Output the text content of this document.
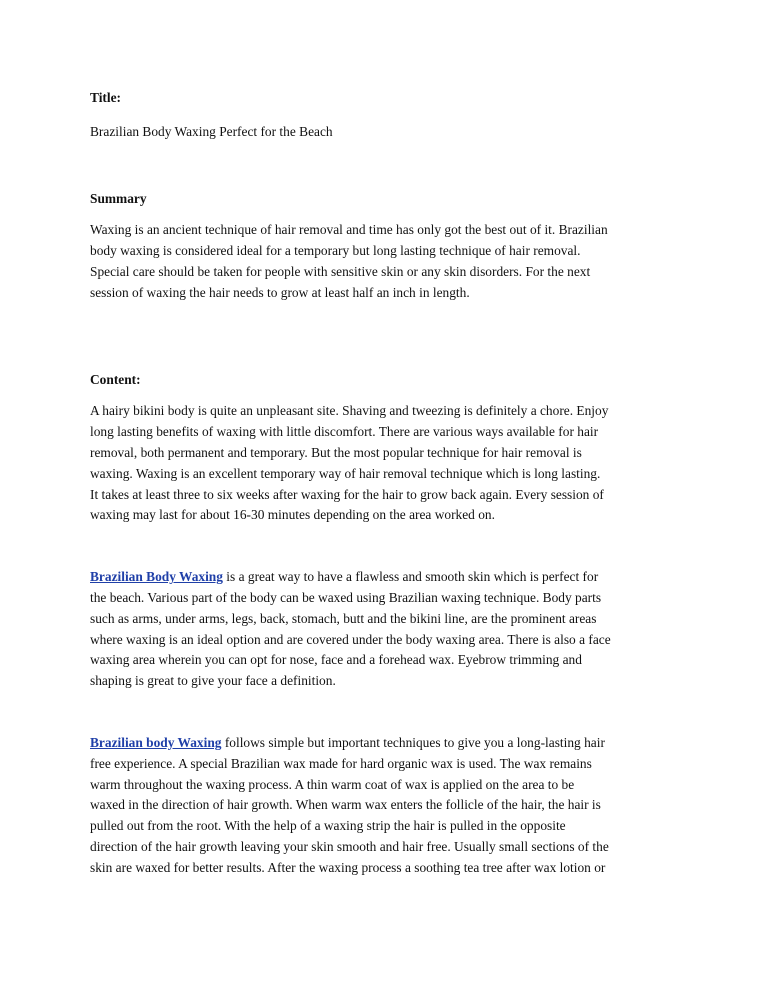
Title:

Brazilian Body Waxing Perfect for the Beach

Summary

Waxing is an ancient technique of hair removal and time has only got the best out of it. Brazilian
body waxing is considered ideal for a temporary but long lasting technique of hair removal.
Special care should be taken for people with sensitive skin or any skin disorders. For the next
session of waxing the hair needs to grow at least half an inch in length.

Content:

A hairy bikini body is quite an unpleasant site. Shaving and tweezing is definitely a chore. Enjoy
long lasting benefits of waxing with little discomfort. There are various ways available for hair
removal, both permanent and temporary. But the most popular technique for hair removal is
waxing. Waxing is an excellent temporary way of hair removal technique which is long lasting.
It takes at least three to six weeks after waxing for the hair to grow back again. Every session of
waxing may last for about 16-30 minutes depending on the area worked on.

Brazilian Body Waxing is a great way to have a flawless and smooth skin which is perfect for
the beach. Various part of the body can be waxed using Brazilian waxing technique. Body parts
such as arms, under arms, legs, back, stomach, butt and the bikini line, are the prominent areas
where waxing is an ideal option and are covered under the body waxing area. There is also a face
waxing area wherein you can opt for nose, face and a forehead wax. Eyebrow trimming and
shaping is great to give your face a definition.

Brazilian body Waxing follows simple but important techniques to give you a long-lasting hair
free experience. A special Brazilian wax made for hard organic wax is used. The wax remains
warm throughout the waxing process. A thin warm coat of wax is applied on the area to be
waxed in the direction of hair growth. When warm wax enters the follicle of the hair, the hair is
pulled out from the root. With the help of a waxing strip the hair is pulled in the opposite
direction of the hair growth leaving your skin smooth and hair free. Usually small sections of the
skin are waxed for better results. After the waxing process a soothing tea tree after wax lotion or
